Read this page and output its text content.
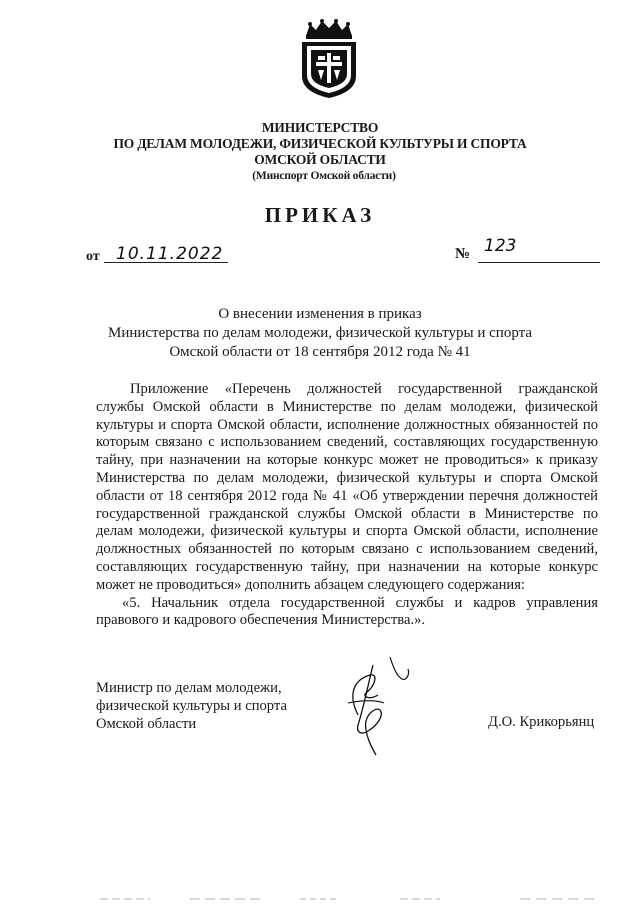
МИНИСТЕРСТВО
ПО ДЕЛАМ МОЛОДЕЖИ, ФИЗИЧЕСКОЙ КУЛЬТУРЫ И СПОРТА
ОМСКОЙ ОБЛАСТИ
(Минспорт Омской области)
ПРИКАЗ
от 10.11.2022	№ 123
О внесении изменения в приказ
Министерства по делам молодежи, физической культуры и спорта
Омской области от 18 сентября 2012 года № 41

Приложение «Перечень должностей государственной гражданской службы Омской области в Министерстве по делам молодежи, физической культуры и спорта Омской области, исполнение должностных обязанностей по которым связано с использованием сведений, составляющих государственную тайну, при назначении на которые конкурс может не проводиться» к приказу Министерства по делам молодежи, физической культуры и спорта Омской области от 18 сентября 2012 года № 41 «Об утверждении перечня должностей государственной гражданской службы Омской области в Министерстве по делам молодежи, физической культуры и спорта Омской области, исполнение должностных обязанностей по которым связано с использованием сведений, составляющих государственную тайну, при назначении на которые конкурс может не проводиться» дополнить абзацем следующего содержания:

«5. Начальник отдела государственной службы и кадров управления правового и кадрового обеспечения Министерства.».

Министр по делам молодежи,
физической культуры и спорта
Омской области	Д.О. Крикорьянц
